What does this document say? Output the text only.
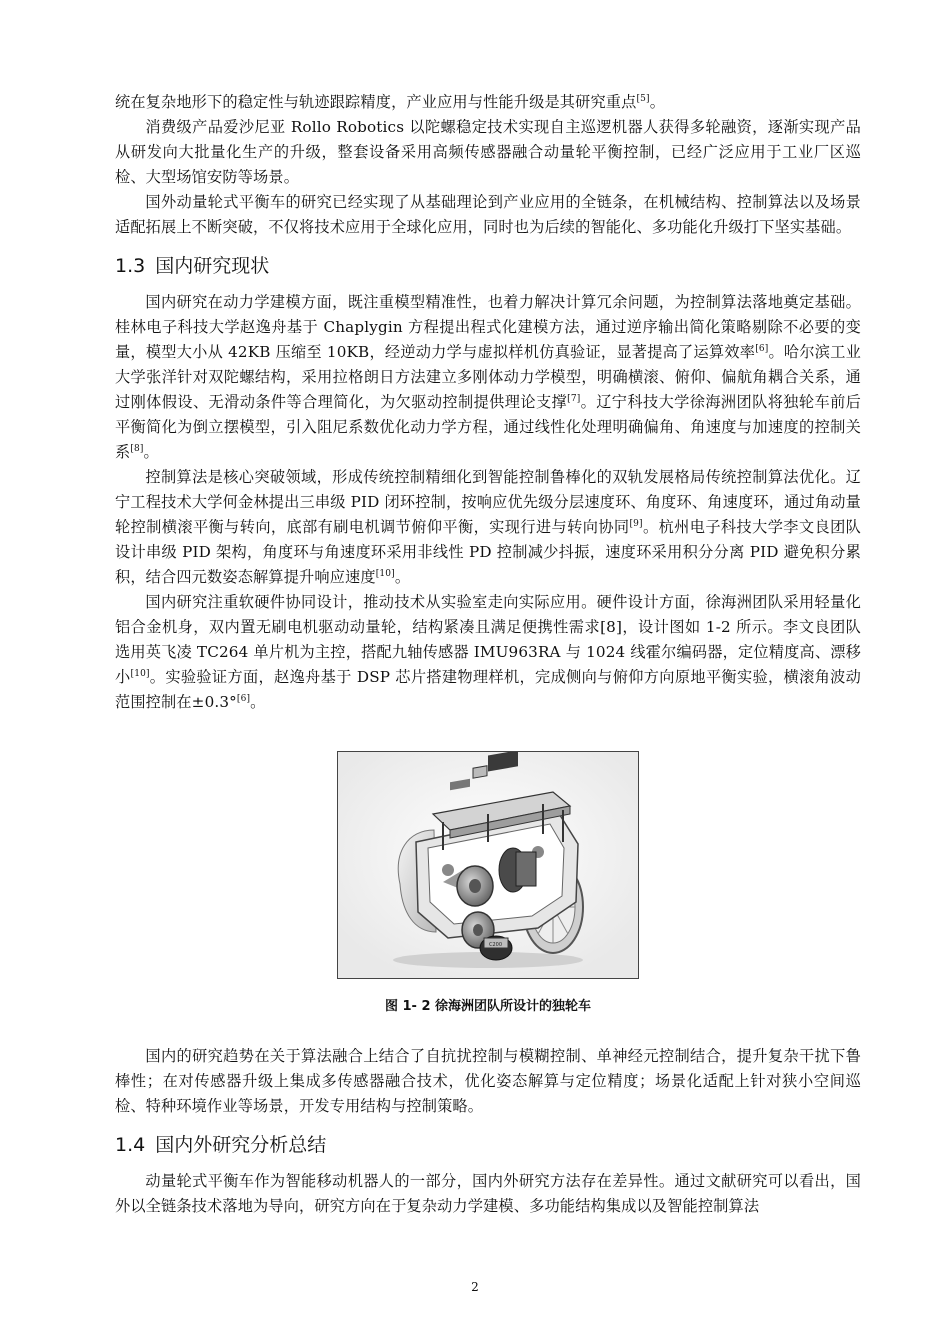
统在复杂地形下的稳定性与轨迹跟踪精度，产业应用与性能升级是其研究重点[5]。

消费级产品爱沙尼亚 Rollo Robotics 以陀螺稳定技术实现自主巡逻机器人获得多轮融资，逐渐实现产品从研发向大批量化生产的升级，整套设备采用高频传感器融合动量轮平衡控制，已经广泛应用于工业厂区巡检、大型场馆安防等场景。

国外动量轮式平衡车的研究已经实现了从基础理论到产业应用的全链条，在机械结构、控制算法以及场景适配拓展上不断突破，不仅将技术应用于全球化应用，同时也为后续的智能化、多功能化升级打下坚实基础。

1.3 国内研究现状

国内研究在动力学建模方面，既注重模型精准性，也着力解决计算冗余问题，为控制算法落地奠定基础。桂林电子科技大学赵逸舟基于 Chaplygin 方程提出程式化建模方法，通过逆序输出简化策略剔除不必要的变量，模型大小从 42KB 压缩至 10KB，经逆动力学与虚拟样机仿真验证，显著提高了运算效率[6]。哈尔滨工业大学张洋针对双陀螺结构，采用拉格朗日方法建立多刚体动力学模型，明确横滚、俯仰、偏航角耦合关系，通过刚体假设、无滑动条件等合理简化，为欠驱动控制提供理论支撑[7]。辽宁科技大学徐海洲团队将独轮车前后平衡简化为倒立摆模型，引入阻尼系数优化动力学方程，通过线性化处理明确偏角、角速度与加速度的控制关系[8]。

控制算法是核心突破领域，形成传统控制精细化到智能控制鲁棒化的双轨发展格局传统控制算法优化。辽宁工程技术大学何金林提出三串级 PID 闭环控制，按响应优先级分层速度环、角度环、角速度环，通过角动量轮控制横滚平衡与转向，底部有刷电机调节俯仰平衡，实现行进与转向协同[9]。杭州电子科技大学李文良团队设计串级 PID 架构，角度环与角速度环采用非线性 PD 控制减少抖振，速度环采用积分分离 PID 避免积分累积，结合四元数姿态解算提升响应速度[10]。

国内研究注重软硬件协同设计，推动技术从实验室走向实际应用。硬件设计方面，徐海洲团队采用轻量化铝合金机身，双内置无刷电机驱动动量轮，结构紧凑且满足便携性需求[8]，设计图如 1-2 所示。李文良团队选用英飞凌 TC264 单片机为主控，搭配九轴传感器 IMU963RA 与 1024 线霍尔编码器，定位精度高、漂移小[10]。实验验证方面，赵逸舟基于 DSP 芯片搭建物理样机，完成侧向与俯仰方向原地平衡实验，横滚角波动范围控制在±0.3°[6]。

C200
图 1- 2 徐海洲团队所设计的独轮车

国内的研究趋势在关于算法融合上结合了自抗扰控制与模糊控制、单神经元控制结合，提升复杂干扰下鲁棒性；在对传感器升级上集成多传感器融合技术，优化姿态解算与定位精度；场景化适配上针对狭小空间巡检、特种环境作业等场景，开发专用结构与控制策略。

1.4 国内外研究分析总结

动量轮式平衡车作为智能移动机器人的一部分，国内外研究方法存在差异性。通过文献研究可以看出，国外以全链条技术落地为导向，研究方向在于复杂动力学建模、多功能结构集成以及智能控制算法

2
